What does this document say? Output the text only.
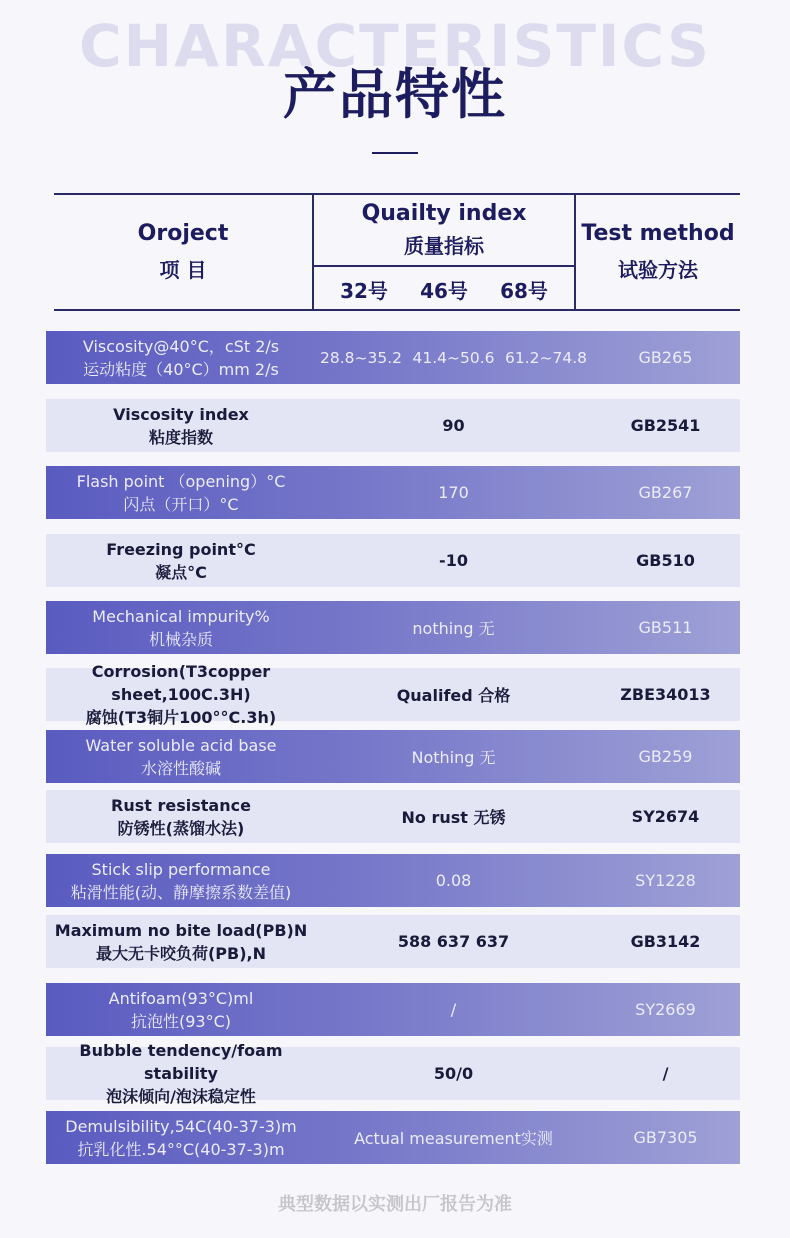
CHARACTERISTICS
产品特性
Oroject
项 目
Quailty index
质量指标
32号 46号 68号
Test method
试验方法
Viscosity@40°C，cSt 2/s
运动粘度（40°C）mm 2/s
28.8~35.2 41.4~50.6 61.2~74.8	GB265
Viscosity index
粘度指数
90	GB2541
Flash point （opening）°C
闪点（开口）°C
170	GB267
Freezing point°C
凝点°C
-10	GB510
Mechanical impurity%
机械杂质
nothing 无	GB511
Corrosion(T3copper sheet,100C.3H)
腐蚀(T3铜片100°°C.3h)
Qualifed 合格	ZBE34013
Water soluble acid base
水溶性酸碱
Nothing 无	GB259
Rust resistance
防锈性(蒸馏水法)
No rust 无锈	SY2674
Stick slip performance
粘滑性能(动、静摩擦系数差值)
0.08	SY1228
Maximum no bite load(PB)N
最大无卡咬负荷(PB),N
588 637 637	GB3142
Antifoam(93°C)ml
抗泡性(93°C)
/	SY2669
Bubble tendency/foam stability
泡沫倾向/泡沫稳定性
50/0	/
Demulsibility,54C(40-37-3)m
抗乳化性.54°°C(40-37-3)m
Actual measurement实测	GB7305
典型数据以实测出厂报告为准
